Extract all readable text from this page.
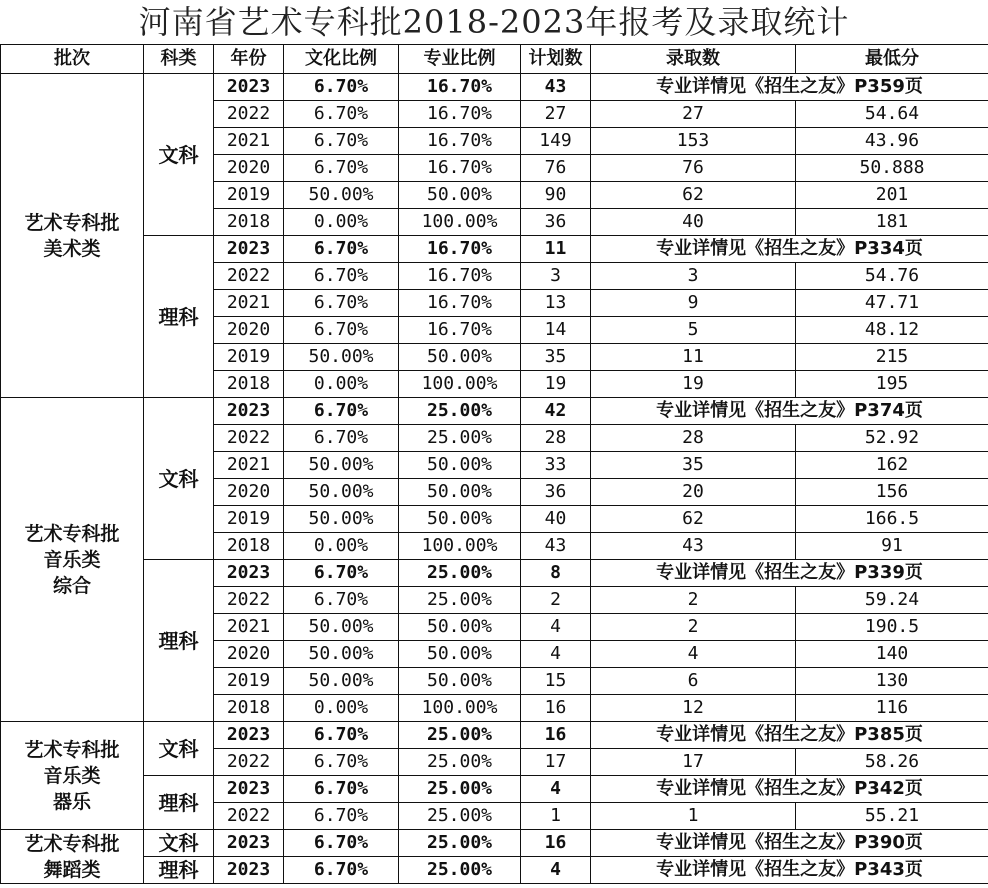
河南省艺术专科批2018-2023年报考及录取统计
批次	科类	年份	文化比例	专业比例	计划数	录取数	最低分

艺术专科批
美术类	文科	2023	6.70%	16.70%	43	专业详情见《招生之友》P359页	
		2022	6.70%	16.70%	27	27	54.64
		2021	6.70%	16.70%	149	153	43.96
		2020	6.70%	16.70%	76	76	50.888
		2019	50.00%	50.00%	90	62	201
		2018	0.00%	100.00%	36	40	181
	理科	2023	6.70%	16.70%	11	专业详情见《招生之友》P334页	
		2022	6.70%	16.70%	3	3	54.76
		2021	6.70%	16.70%	13	9	47.71
		2020	6.70%	16.70%	14	5	48.12
		2019	50.00%	50.00%	35	11	215
		2018	0.00%	100.00%	19	19	195

艺术专科批
音乐类
综合	文科	2023	6.70%	25.00%	42	专业详情见《招生之友》P374页	
		2022	6.70%	25.00%	28	28	52.92
		2021	50.00%	50.00%	33	35	162
		2020	50.00%	50.00%	36	20	156
		2019	50.00%	50.00%	40	62	166.5
		2018	0.00%	100.00%	43	43	91
	理科	2023	6.70%	25.00%	8	专业详情见《招生之友》P339页	
		2022	6.70%	25.00%	2	2	59.24
		2021	50.00%	50.00%	4	2	190.5
		2020	50.00%	50.00%	4	4	140
		2019	50.00%	50.00%	15	6	130
		2018	0.00%	100.00%	16	12	116

艺术专科批
音乐类
器乐	文科	2023	6.70%	25.00%	16	专业详情见《招生之友》P385页	
		2022	6.70%	25.00%	17	17	58.26
	理科	2023	6.70%	25.00%	4	专业详情见《招生之友》P342页	
		2022	6.70%	25.00%	1	1	55.21

艺术专科批
舞蹈类	文科	2023	6.70%	25.00%	16	专业详情见《招生之友》P390页	
	理科	2023	6.70%	25.00%	4	专业详情见《招生之友》P343页	
